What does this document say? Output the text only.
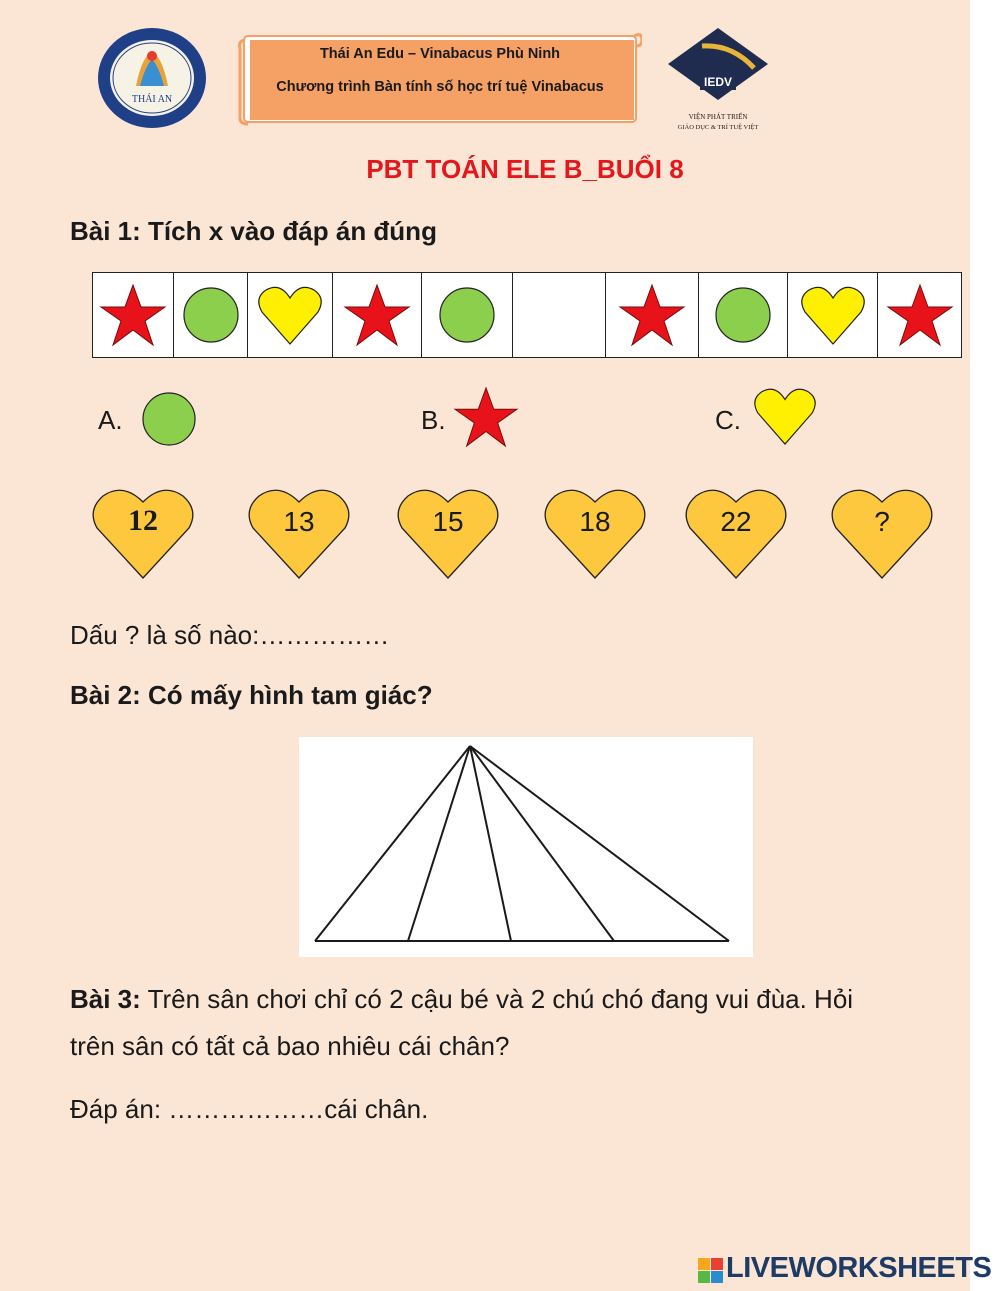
THÁI AN
Thái An Edu – Vinabacus Phù Ninh
Chương trình Bàn tính số học trí tuệ Vinabacus	IEDV
VIỆN PHÁT TRIỂN
GIÁO DỤC & TRÍ TUỆ VIỆT
PBT TOÁN ELE B_BUỔI 8
Bài 1: Tích x vào đáp án đúng
A.	B.	C.
12	13	15	18	22	?
Dấu ? là số nào:……………
Bài 2: Có mấy hình tam giác?
Bài 3: Trên sân chơi chỉ có 2 cậu bé và 2 chú chó đang vui đùa. Hỏi
trên sân có tất cả bao nhiêu cái chân?
Đáp án: ………………cái chân.
LIVEWORKSHEETS
